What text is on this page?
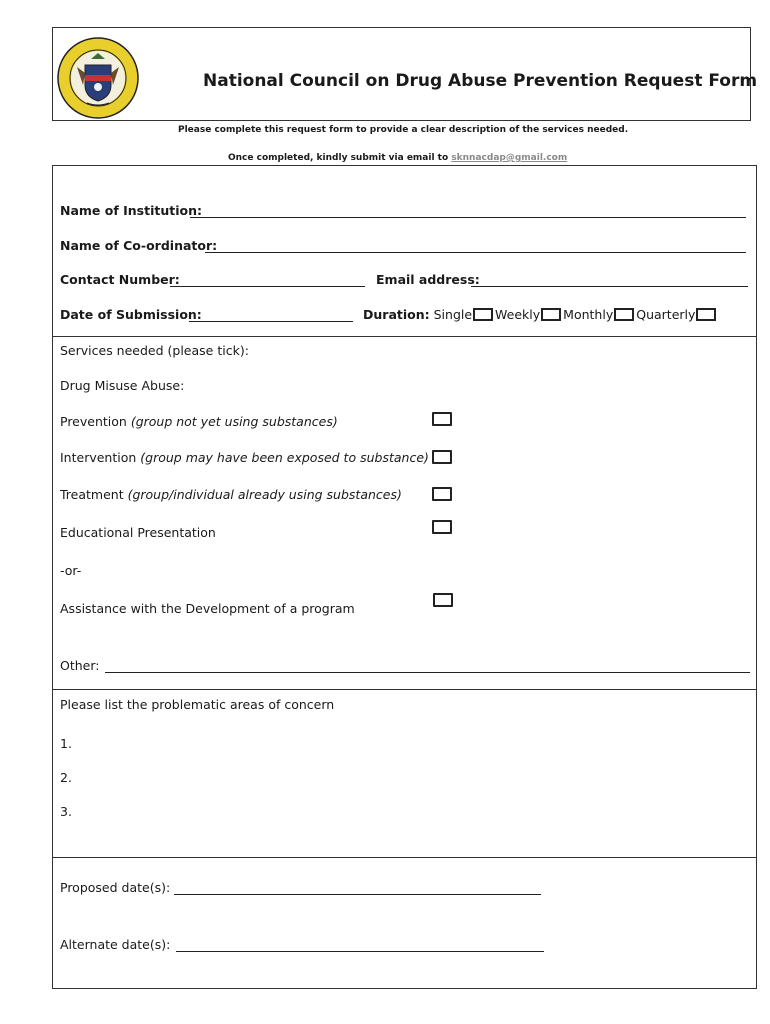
National Council on Drug Abuse Prevention Request Form
Please complete this request form to provide a clear description of the services needed.
Once completed, kindly submit via email to sknnacdap@gmail.com
Name of Institution:
Name of Co-ordinator:
Contact Number:	Email address:
Date of Submission:	Duration: Single Weekly Monthly Quarterly
Services needed (please tick):
Drug Misuse Abuse:
Prevention (group not yet using substances)
Intervention (group may have been exposed to substance)
Treatment (group/individual already using substances)
Educational Presentation
-or-
Assistance with the Development of a program
Other:
Please list the problematic areas of concern
1.
2.
3.
Proposed date(s):
Alternate date(s):
